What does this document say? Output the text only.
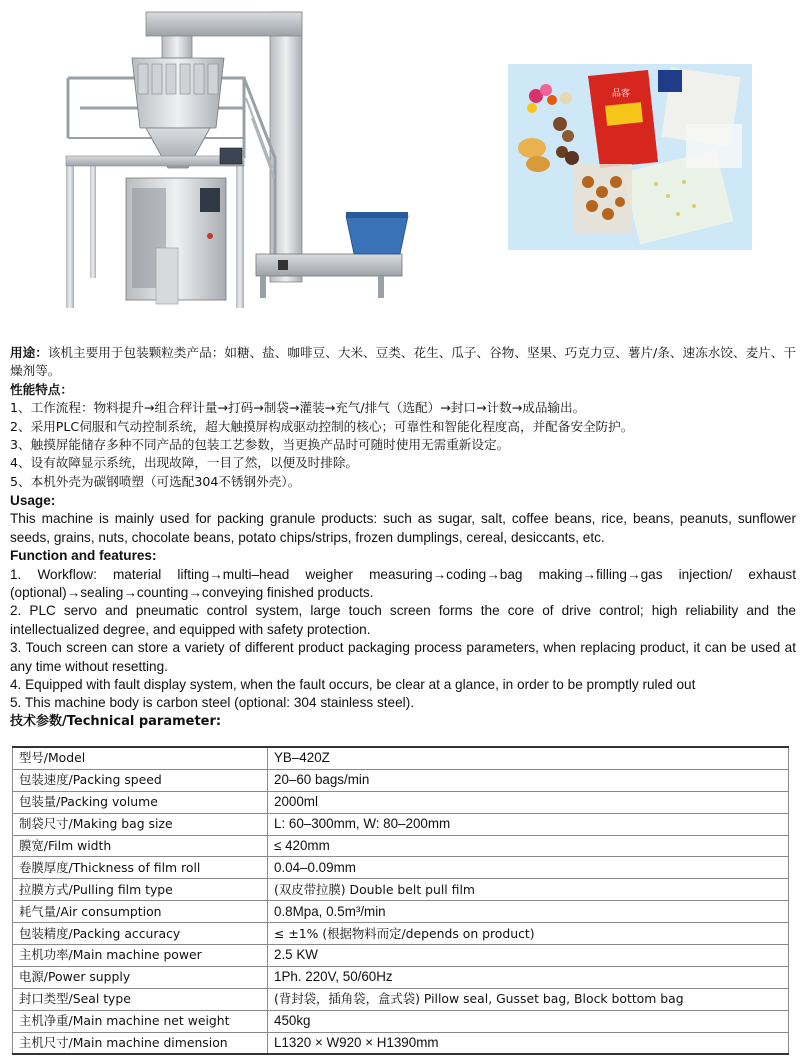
品客

用途：该机主要用于包装颗粒类产品：如糖、盐、咖啡豆、大米、豆类、花生、瓜子、谷物、坚果、巧克力豆、薯片/条、速冻水饺、麦片、干燥剂等。

性能特点：

1、工作流程：物料提升→组合秤计量→打码→制袋→灌装→充气/排气（选配）→封口→计数→成品输出。

2、采用PLC伺服和气动控制系统，超大触摸屏构成驱动控制的核心；可靠性和智能化程度高，并配备安全防护。

3、触摸屏能储存多种不同产品的包装工艺参数，当更换产品时可随时使用无需重新设定。

4、设有故障显示系统，出现故障，一目了然，以便及时排除。

5、本机外壳为碳钢喷塑（可选配304不锈钢外壳）。

Usage:

This machine is mainly used for packing granule products: such as sugar, salt, coffee beans, rice, beans, peanuts, sunflower seeds, grains, nuts, chocolate beans, potato chips/strips, frozen dumplings, cereal, desiccants, etc.

Function and features:

1. Workflow: material lifting→multi–head weigher measuring→coding→bag making→filling→gas injection/ exhaust (optional)→sealing→counting→conveying finished products.

2. PLC servo and pneumatic control system, large touch screen forms the core of drive control; high reliability and the intellectualized degree, and equipped with safety protection.

3. Touch screen can store a variety of different product packaging process parameters, when replacing product, it can be used at any time without resetting.

4. Equipped with fault display system, when the fault occurs, be clear at a glance, in order to be promptly ruled out

5. This machine body is carbon steel (optional: 304 stainless steel).

技术参数/Technical parameter:

型号/Model	YB–420Z
包装速度/Packing speed	20–60 bags/min
包装量/Packing volume	2000ml
制袋尺寸/Making bag size	L: 60–300mm, W: 80–200mm
膜宽/Film width	≤ 420mm
卷膜厚度/Thickness of film roll	0.04–0.09mm
拉膜方式/Pulling film type	(双皮带拉膜) Double belt pull film
耗气量/Air consumption	0.8Mpa, 0.5m³/min
包装精度/Packing accuracy	≤ ±1% (根据物料而定/depends on product)
主机功率/Main machine power	2.5 KW
电源/Power supply	1Ph. 220V, 50/60Hz
封口类型/Seal type	(背封袋，插角袋，盒式袋) Pillow seal, Gusset bag, Block bottom bag
主机净重/Main machine net weight	450kg
主机尺寸/Main machine dimension	L1320 × W920 × H1390mm
